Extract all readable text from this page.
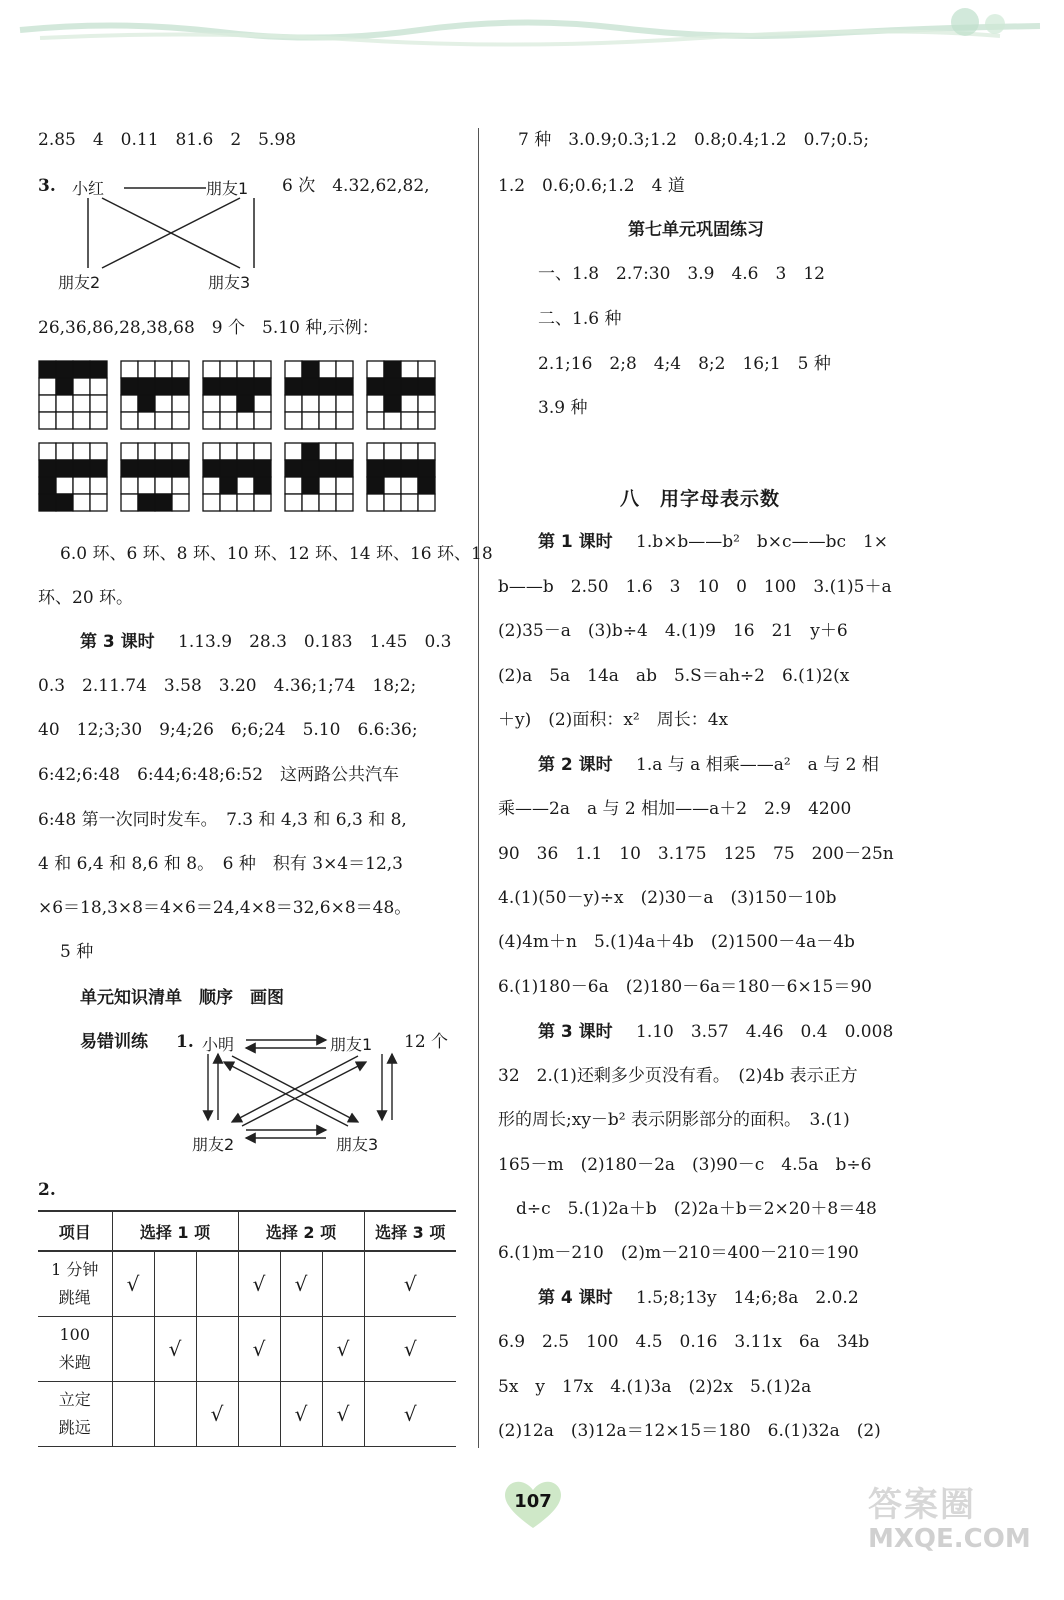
2.85　4　0.11　81.6　2　5.98
3. 小红	朋友1
朋友2	朋友3
6 次　4.32,62,82,
26,36,86,28,38,68　9 个　5.10 种,示例：
6.0 环、6 环、8 环、10 环、12 环、14 环、16 环、18
环、20 环。
第 3 课时 1.13.9　28.3　0.183　1.45　0.3
0.3　2.11.74　3.58　3.20　4.36;1;74　18;2;
40　12;3;30　9;4;26　6;6;24　5.10　6.6:36;
6:42;6:48　6:44;6:48;6:52　这两路公共汽车
6:48 第一次同时发车。　7.3 和 4,3 和 6,3 和 8,
4 和 6,4 和 8,6 和 8。　6 种　积有 3×4＝12,3
×6＝18,3×8＝4×6＝24,4×8＝32,6×8＝48。
5 种
单元知识清单　顺序　画图
易错训练 1. 小明	朋友1
朋友2	朋友3
12 个
2.
项目	选择 1 项			选择 2 项			选择 3 项

1 分钟
跳绳	√			√	√		√

100
米跑		√		√		√	√

立定
跳远			√		√	√	√
7 种　3.0.9;0.3;1.2　0.8;0.4;1.2　0.7;0.5;
1.2　0.6;0.6;1.2　4 道
第七单元巩固练习
一、1.8　2.7:30　3.9　4.6　3　12
二、1.6 种
2.1;16　2;8　4;4　8;2　16;1　5 种
3.9 种
八　用字母表示数
第 1 课时 1.b×b——b²　b×c——bc　1×
b——b　2.50　1.6　3　10　0　100　3.(1)5＋a
(2)35－a　(3)b÷4　4.(1)9　16　21　y＋6
(2)a　5a　14a　ab　5.S＝ah÷2　6.(1)2(x
＋y)　(2)面积：x²　周长：4x
第 2 课时 1.a 与 a 相乘——a²　a 与 2 相
乘——2a　a 与 2 相加——a＋2　2.9　4200
90　36　1.1　10　3.175　125　75　200－25n
4.(1)(50－y)÷x　(2)30－a　(3)150－10b
(4)4m＋n　5.(1)4a＋4b　(2)1500－4a－4b
6.(1)180－6a　(2)180－6a＝180－6×15＝90
第 3 课时 1.10　3.57　4.46　0.4　0.008
32　2.(1)还剩多少页没有看。　(2)4b 表示正方
形的周长;xy－b² 表示阴影部分的面积。　3.(1)
165－m　(2)180－2a　(3)90－c　4.5a　b÷6
d÷c　5.(1)2a＋b　(2)2a＋b＝2×20＋8＝48
6.(1)m－210　(2)m－210＝400－210＝190
第 4 课时 1.5;8;13y　14;6;8a　2.0.2
6.9　2.5　100　4.5　0.16　3.11x　6a　34b
5x　y　17x　4.(1)3a　(2)2x　5.(1)2a
(2)12a　(3)12a＝12×15＝180　6.(1)32a　(2)
107	答案圈
MXQE.COM
